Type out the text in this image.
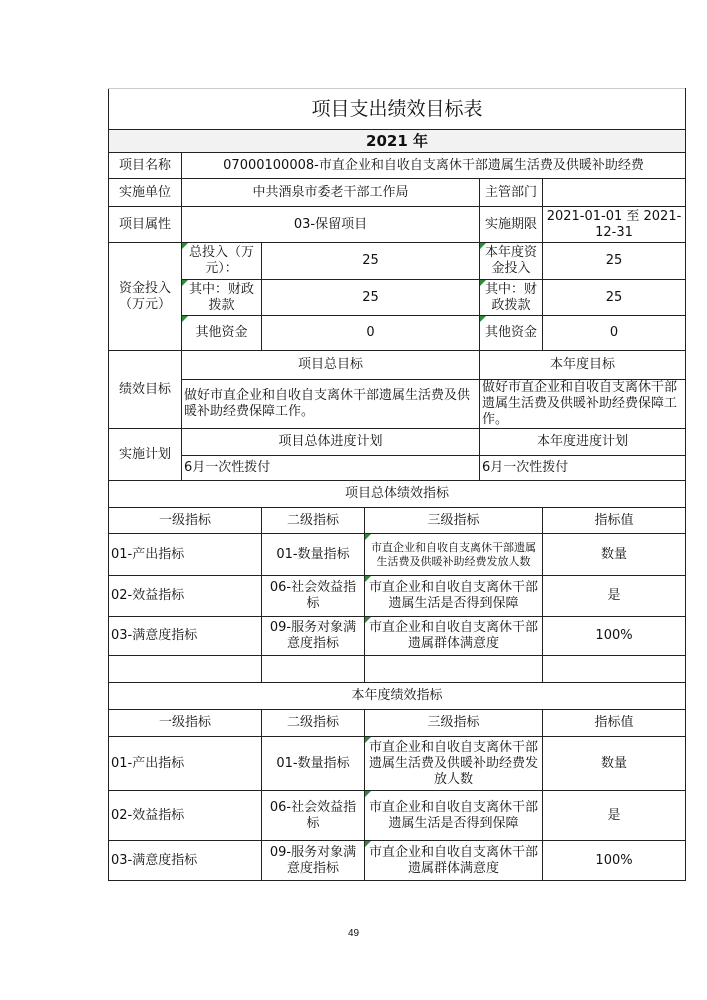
项目支出绩效目标表					
2021 年					
项目名称	07000100008-市直企业和自收自支离休干部遗属生活费及供暖补助经费				
实施单位	中共酒泉市委老干部工作局			主管部门	
项目属性	03-保留项目			实施期限	2021-01-01 至 2021-12-31
资金投入（万元）	总投入（万元）：	25		本年度资金投入	25
	其中：财政拨款	25		其中：财政拨款	25
	其他资金	0		其他资金	0
绩效目标	项目总目标			本年度目标	
	做好市直企业和自收自支离休干部遗属生活费及供暖补助经费保障工作。			做好市直企业和自收自支离休干部遗属生活费及供暖补助经费保障工作。	
实施计划	项目总体进度计划			本年度进度计划	
	6月一次性拨付			6月一次性拨付	
项目总体绩效指标					
一级指标		二级指标	三级指标		指标值
01-产出指标		01-数量指标	市直企业和自收自支离休干部遗属生活费及供暖补助经费发放人数		数量
02-效益指标		06-社会效益指标	市直企业和自收自支离休干部遗属生活是否得到保障		是
03-满意度指标		09-服务对象满意度指标	市直企业和自收自支离休干部遗属群体满意度		100%

本年度绩效指标					
一级指标		二级指标	三级指标		指标值
01-产出指标		01-数量指标	市直企业和自收自支离休干部遗属生活费及供暖补助经费发放人数		数量
02-效益指标		06-社会效益指标	市直企业和自收自支离休干部遗属生活是否得到保障		是
03-满意度指标		09-服务对象满意度指标	市直企业和自收自支离休干部遗属群体满意度		100%
49
